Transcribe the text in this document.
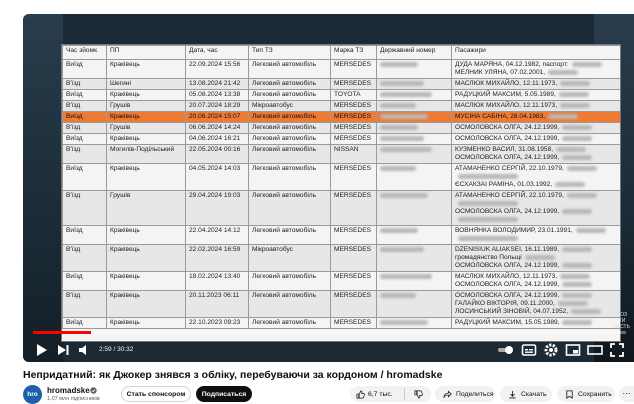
Час зйомк	ПП	Дата, час	Тип ТЗ	Марка ТЗ	Державний номер	Пасажири
Виїзд	Краківець	22.09.2024 15:56	Легковий автомобіль	MERSEDES		ДУДА МАРЯНА, 04.12.1982, паспорт:
МЕЛНИК УЛЯНА, 07.02.2001,

В'їзд	Шегині	13.08.2024 21:42	Легковий автомобіль	MERSEDES		МАСЛЮК МИХАЙЛО, 12.11.1973,

Виїзд	Краківець	05.08.2024 13:38	Легковий автомобіль	TOYOTA		РАДУЦКИЙ МАКСИМ, 5.05.1989,

В'їзд	Грушів	20.07.2024 18:29	Мікроавтобус	MERSEDES		МАСЛЮК МИХАЙЛО, 12.11.1973,

Виїзд	Краківець	20.06.2024 15:07	Легковий автомобіль	MERSEDES		МУСІНА САБІНА, 28.04.1983,

В'їзд	Грушів	06.06.2024 14:24	Легковий автомобіль	MERSEDES		ОСМОЛОВСКА ОЛГА, 24.12.1999,

Виїзд	Краківець	04.06.2024 16:21	Легковий автомобіль	MERSEDES		ОСМОЛОВСКА ОЛГА, 24.12.1999,

В'їзд	Могилів-Подільський	22.05.2024 00:16	Легковий автомобіль	NISSAN		КУЗМЕНКО ВАСИЛ, 31.08.1958,
ОСМОЛОВСКА ОЛГА, 24.12.1999,

Виїзд	Краківець	04.05.2024 14:03	Легковий автомобіль	MERSEDES		АТАМАНЕНКО СЕРГІЙ, 22.10.1979,
ЄСХАКЗАІ РАМІНА, 01.03.1992,

В'їзд	Грушів	29.04.2024 19:03	Легковий автомобіль	MERSEDES		АТАМАНЕНКО СЕРГІЙ, 22.10.1979,
ОСМОЛОВСКА ОЛГА, 24.12.1999,

Виїзд	Краківець	22.04.2024 14:12	Легковий автомобіль	MERSEDES		ВОВНЯНКА ВОЛОДИМИР, 23.01.1991,

В'їзд	Краківець	22.02.2024 16:59	Мікроавтобус	MERSEDES		DZENISIUK ALIAKSEI, 16.11.1989,
громадянство Польщі
ОСМОЛОВСКА ОЛГА, 24.12.1999,

Виїзд	Краківець	18.02.2024 13:40	Легковий автомобіль	MERSEDES		МАСЛЮК МИХАЙЛО, 12.11.1973,
ОСМОЛОВСКА ОЛГА, 24.12.1999,

В'їзд	Краківець	20.11.2023 06:11	Легковий автомобіль	MERSEDES		ОСМОЛОВСКА ОЛГА, 24.12.1999,
ГАЛАЙКО ВІКТОРІЯ, 09.11.2000,
ЛОСИНСЬКИЙ ЗІНОВІЙ, 04.07.1952,

Виїзд	Краківець	22.10.2023 09:23	Легковий автомобіль	MERSEDES		РАДУЦКИЙ МАКСИМ, 15.05.1989,
РОЗ ТИ ШІСТЬ
2:59 / 30:32
Непридатний: як Джокер знявся з обліку, перебуваючи за кордоном / hromadske
hro	hromadske
1,07 млн підписників
Стать спонсором	Подписаться	6,7 тыс.	Поделиться	Скачать	Сохранить ⋯
